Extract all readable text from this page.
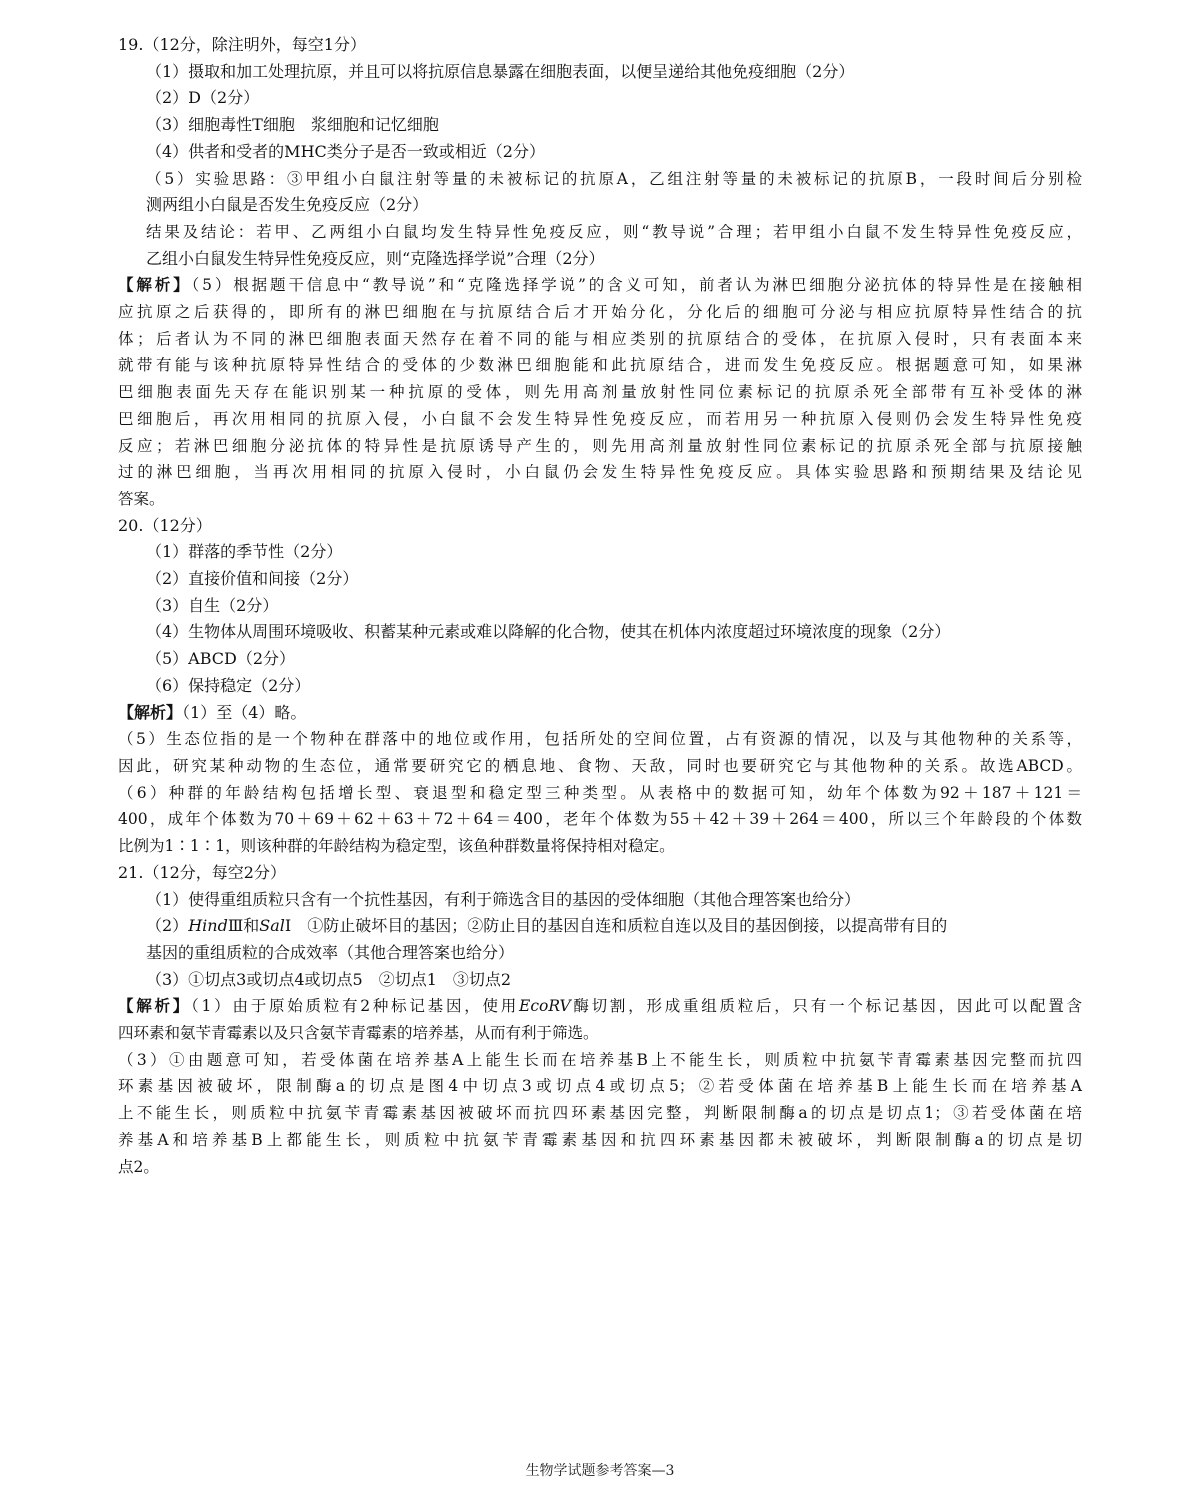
19.（12分，除注明外，每空1分）
（1）摄取和加工处理抗原，并且可以将抗原信息暴露在细胞表面，以便呈递给其他免疫细胞（2分）
（2）D（2分）
（3）细胞毒性T细胞　浆细胞和记忆细胞
（4）供者和受者的MHC类分子是否一致或相近（2分）
（5）实验思路：③甲组小白鼠注射等量的未被标记的抗原A，乙组注射等量的未被标记的抗原B，一段时间后分别检
测两组小白鼠是否发生免疫反应（2分）
结果及结论：若甲、乙两组小白鼠均发生特异性免疫反应，则“教导说”合理；若甲组小白鼠不发生特异性免疫反应，
乙组小白鼠发生特异性免疫反应，则“克隆选择学说”合理（2分）
【解析】（5）根据题干信息中“教导说”和“克隆选择学说”的含义可知，前者认为淋巴细胞分泌抗体的特异性是在接触相
应抗原之后获得的，即所有的淋巴细胞在与抗原结合后才开始分化，分化后的细胞可分泌与相应抗原特异性结合的抗
体；后者认为不同的淋巴细胞表面天然存在着不同的能与相应类别的抗原结合的受体，在抗原入侵时，只有表面本来
就带有能与该种抗原特异性结合的受体的少数淋巴细胞能和此抗原结合，进而发生免疫反应。根据题意可知，如果淋
巴细胞表面先天存在能识别某一种抗原的受体，则先用高剂量放射性同位素标记的抗原杀死全部带有互补受体的淋
巴细胞后，再次用相同的抗原入侵，小白鼠不会发生特异性免疫反应，而若用另一种抗原入侵则仍会发生特异性免疫
反应；若淋巴细胞分泌抗体的特异性是抗原诱导产生的，则先用高剂量放射性同位素标记的抗原杀死全部与抗原接触
过的淋巴细胞，当再次用相同的抗原入侵时，小白鼠仍会发生特异性免疫反应。具体实验思路和预期结果及结论见
答案。
20.（12分）
（1）群落的季节性（2分）
（2）直接价值和间接（2分）
（3）自生（2分）
（4）生物体从周围环境吸收、积蓄某种元素或难以降解的化合物，使其在机体内浓度超过环境浓度的现象（2分）
（5）ABCD（2分）
（6）保持稳定（2分）
【解析】（1）至（4）略。
（5）生态位指的是一个物种在群落中的地位或作用，包括所处的空间位置，占有资源的情况，以及与其他物种的关系等，
因此，研究某种动物的生态位，通常要研究它的栖息地、食物、天敌，同时也要研究它与其他物种的关系。故选ABCD。
（6）种群的年龄结构包括增长型、衰退型和稳定型三种类型。从表格中的数据可知，幼年个体数为92＋187＋121＝
400，成年个体数为70＋69＋62＋63＋72＋64＝400，老年个体数为55＋42＋39＋264＝400，所以三个年龄段的个体数
比例为1∶1∶1，则该种群的年龄结构为稳定型，该鱼种群数量将保持相对稳定。
21.（12分，每空2分）
（1）使得重组质粒只含有一个抗性基因，有利于筛选含目的基因的受体细胞（其他合理答案也给分）
（2）HindⅢ和SalⅠ　①防止破坏目的基因；②防止目的基因自连和质粒自连以及目的基因倒接，以提高带有目的
基因的重组质粒的合成效率（其他合理答案也给分）
（3）①切点3或切点4或切点5　②切点1　③切点2
【解析】（1）由于原始质粒有2种标记基因，使用EcoRV酶切割，形成重组质粒后，只有一个标记基因，因此可以配置含
四环素和氨苄青霉素以及只含氨苄青霉素的培养基，从而有利于筛选。
（3）①由题意可知，若受体菌在培养基A上能生长而在培养基B上不能生长，则质粒中抗氨苄青霉素基因完整而抗四
环素基因被破坏，限制酶a的切点是图4中切点3或切点4或切点5；②若受体菌在培养基B上能生长而在培养基A
上不能生长，则质粒中抗氨苄青霉素基因被破坏而抗四环素基因完整，判断限制酶a的切点是切点1；③若受体菌在培
养基A和培养基B上都能生长，则质粒中抗氨苄青霉素基因和抗四环素基因都未被破坏，判断限制酶a的切点是切
点2。
生物学试题参考答案—3
